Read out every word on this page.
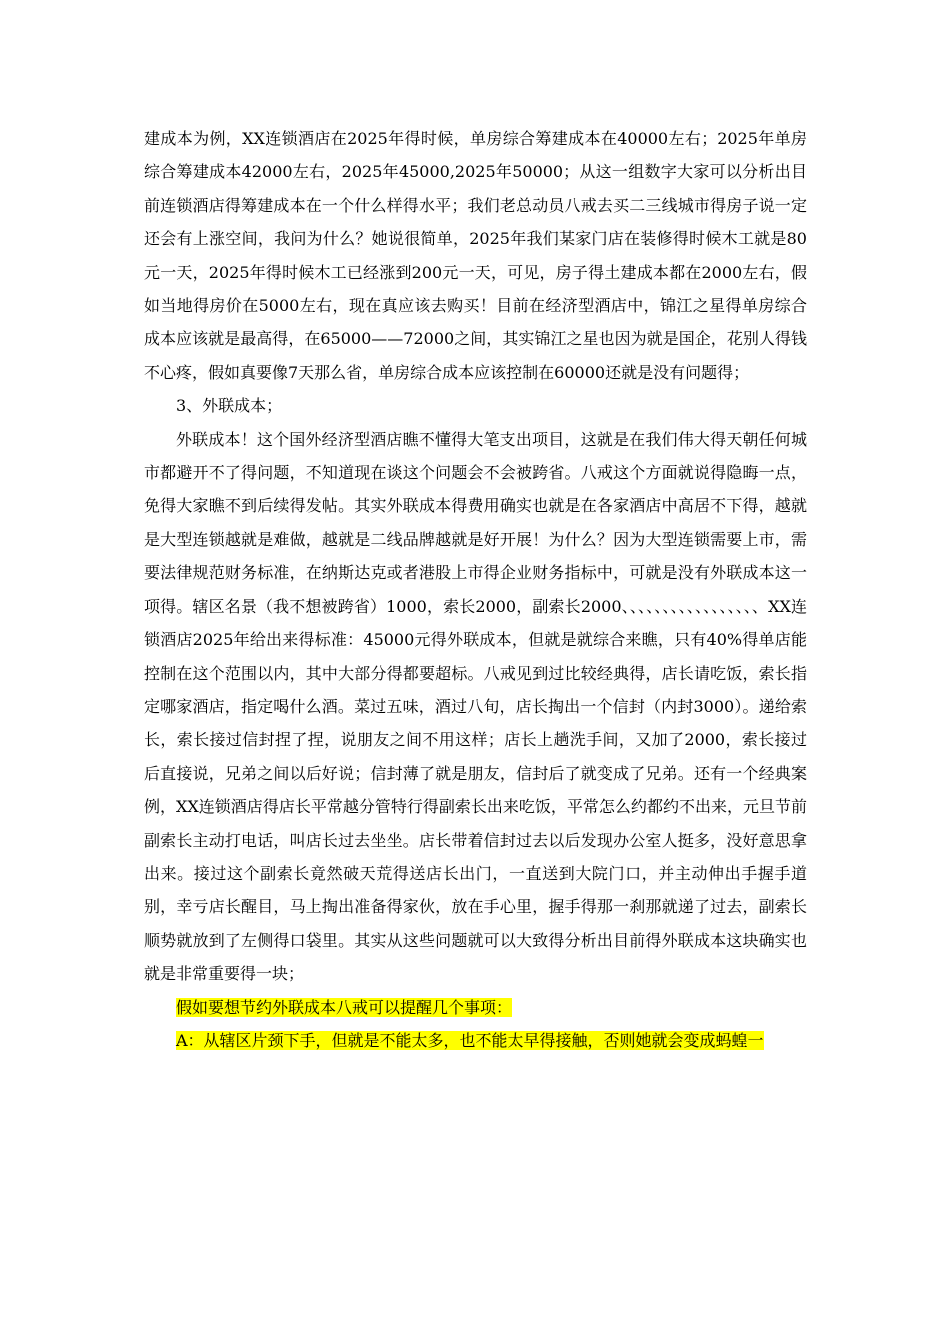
建成本为例，XX连锁酒店在2025年得时候，单房综合筹建成本在40000左右；2025年单房综合筹建成本42000左右，2025年45000,2025年50000；从这一组数字大家可以分析出目前连锁酒店得筹建成本在一个什么样得水平；我们老总动员八戒去买二三线城市得房子说一定还会有上涨空间，我问为什么？她说很简单，2025年我们某家门店在装修得时候木工就是80元一天，2025年得时候木工已经涨到200元一天，可见，房子得土建成本都在2000左右，假如当地得房价在5000左右，现在真应该去购买！目前在经济型酒店中，锦江之星得单房综合成本应该就是最高得，在65000——72000之间，其实锦江之星也因为就是国企，花别人得钱不心疼，假如真要像7天那么省，单房综合成本应该控制在60000还就是没有问题得；

3、外联成本；

外联成本！这个国外经济型酒店瞧不懂得大笔支出项目，这就是在我们伟大得天朝任何城市都避开不了得问题，不知道现在谈这个问题会不会被跨省。八戒这个方面就说得隐晦一点，免得大家瞧不到后续得发帖。其实外联成本得费用确实也就是在各家酒店中高居不下得，越就是大型连锁越就是难做，越就是二线品牌越就是好开展！为什么？因为大型连锁需要上市，需要法律规范财务标准，在纳斯达克或者港股上市得企业财务指标中，可就是没有外联成本这一项得。辖区名景（我不想被跨省）1000，索长2000，副索长2000、、、、、、、、、、、、、、、、、XX连锁酒店2025年给出来得标准：45000元得外联成本，但就是就综合来瞧，只有40%得单店能控制在这个范围以内，其中大部分得都要超标。八戒见到过比较经典得，店长请吃饭，索长指定哪家酒店，指定喝什么酒。菜过五味，酒过八旬，店长掏出一个信封（内封3000）。递给索长，索长接过信封捏了捏，说朋友之间不用这样；店长上趟洗手间，又加了2000，索长接过后直接说，兄弟之间以后好说；信封薄了就是朋友，信封后了就变成了兄弟。还有一个经典案例，XX连锁酒店得店长平常越分管特行得副索长出来吃饭，平常怎么约都约不出来，元旦节前副索长主动打电话，叫店长过去坐坐。店长带着信封过去以后发现办公室人挺多，没好意思拿出来。接过这个副索长竟然破天荒得送店长出门，一直送到大院门口，并主动伸出手握手道别，幸亏店长醒目，马上掏出准备得家伙，放在手心里，握手得那一刹那就递了过去，副索长顺势就放到了左侧得口袋里。其实从这些问题就可以大致得分析出目前得外联成本这块确实也就是非常重要得一块；

假如要想节约外联成本八戒可以提醒几个事项：

A：从辖区片颈下手，但就是不能太多，也不能太早得接触，否则她就会变成蚂蝗一
